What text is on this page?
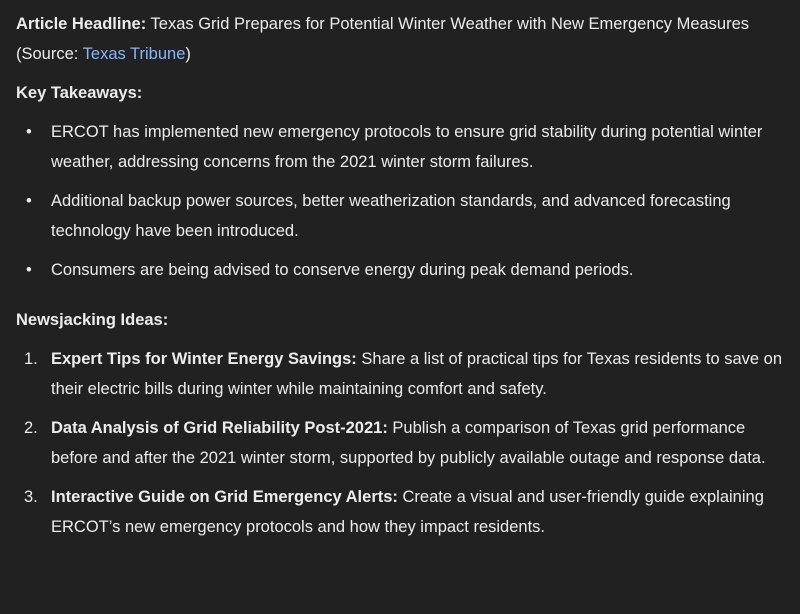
Article Headline: Texas Grid Prepares for Potential Winter Weather with New Emergency Measures

(Source: Texas Tribune)

Key Takeaways:

• ERCOT has implemented new emergency protocols to ensure grid stability during potential winter weather, addressing concerns from the 2021 winter storm failures.
• Additional backup power sources, better weatherization standards, and advanced forecasting technology have been introduced.
• Consumers are being advised to conserve energy during peak demand periods.

Newsjacking Ideas:

1. Expert Tips for Winter Energy Savings: Share a list of practical tips for Texas residents to save on their electric bills during winter while maintaining comfort and safety.
2. Data Analysis of Grid Reliability Post-2021: Publish a comparison of Texas grid performance before and after the 2021 winter storm, supported by publicly available outage and response data.
3. Interactive Guide on Grid Emergency Alerts: Create a visual and user-friendly guide explaining ERCOT’s new emergency protocols and how they impact residents.
